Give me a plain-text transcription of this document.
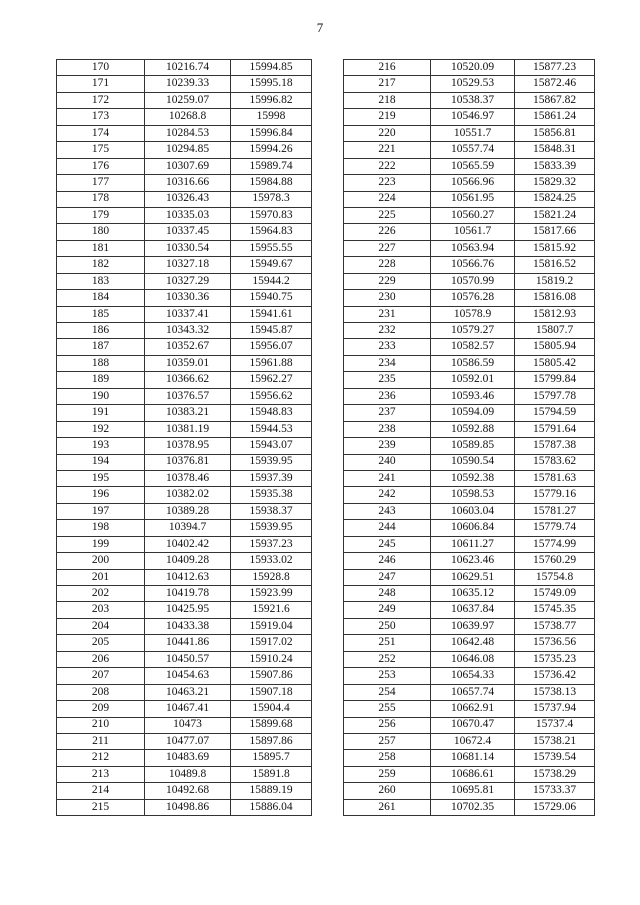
7
170	10216.74	15994.85
171	10239.33	15995.18
172	10259.07	15996.82
173	10268.8	15998
174	10284.53	15996.84
175	10294.85	15994.26
176	10307.69	15989.74
177	10316.66	15984.88
178	10326.43	15978.3
179	10335.03	15970.83
180	10337.45	15964.83
181	10330.54	15955.55
182	10327.18	15949.67
183	10327.29	15944.2
184	10330.36	15940.75
185	10337.41	15941.61
186	10343.32	15945.87
187	10352.67	15956.07
188	10359.01	15961.88
189	10366.62	15962.27
190	10376.57	15956.62
191	10383.21	15948.83
192	10381.19	15944.53
193	10378.95	15943.07
194	10376.81	15939.95
195	10378.46	15937.39
196	10382.02	15935.38
197	10389.28	15938.37
198	10394.7	15939.95
199	10402.42	15937.23
200	10409.28	15933.02
201	10412.63	15928.8
202	10419.78	15923.99
203	10425.95	15921.6
204	10433.38	15919.04
205	10441.86	15917.02
206	10450.57	15910.24
207	10454.63	15907.86
208	10463.21	15907.18
209	10467.41	15904.4
210	10473	15899.68
211	10477.07	15897.86
212	10483.69	15895.7
213	10489.8	15891.8
214	10492.68	15889.19
215	10498.86	15886.04
216	10520.09	15877.23
217	10529.53	15872.46
218	10538.37	15867.82
219	10546.97	15861.24
220	10551.7	15856.81
221	10557.74	15848.31
222	10565.59	15833.39
223	10566.96	15829.32
224	10561.95	15824.25
225	10560.27	15821.24
226	10561.7	15817.66
227	10563.94	15815.92
228	10566.76	15816.52
229	10570.99	15819.2
230	10576.28	15816.08
231	10578.9	15812.93
232	10579.27	15807.7
233	10582.57	15805.94
234	10586.59	15805.42
235	10592.01	15799.84
236	10593.46	15797.78
237	10594.09	15794.59
238	10592.88	15791.64
239	10589.85	15787.38
240	10590.54	15783.62
241	10592.38	15781.63
242	10598.53	15779.16
243	10603.04	15781.27
244	10606.84	15779.74
245	10611.27	15774.99
246	10623.46	15760.29
247	10629.51	15754.8
248	10635.12	15749.09
249	10637.84	15745.35
250	10639.97	15738.77
251	10642.48	15736.56
252	10646.08	15735.23
253	10654.33	15736.42
254	10657.74	15738.13
255	10662.91	15737.94
256	10670.47	15737.4
257	10672.4	15738.21
258	10681.14	15739.54
259	10686.61	15738.29
260	10695.81	15733.37
261	10702.35	15729.06
